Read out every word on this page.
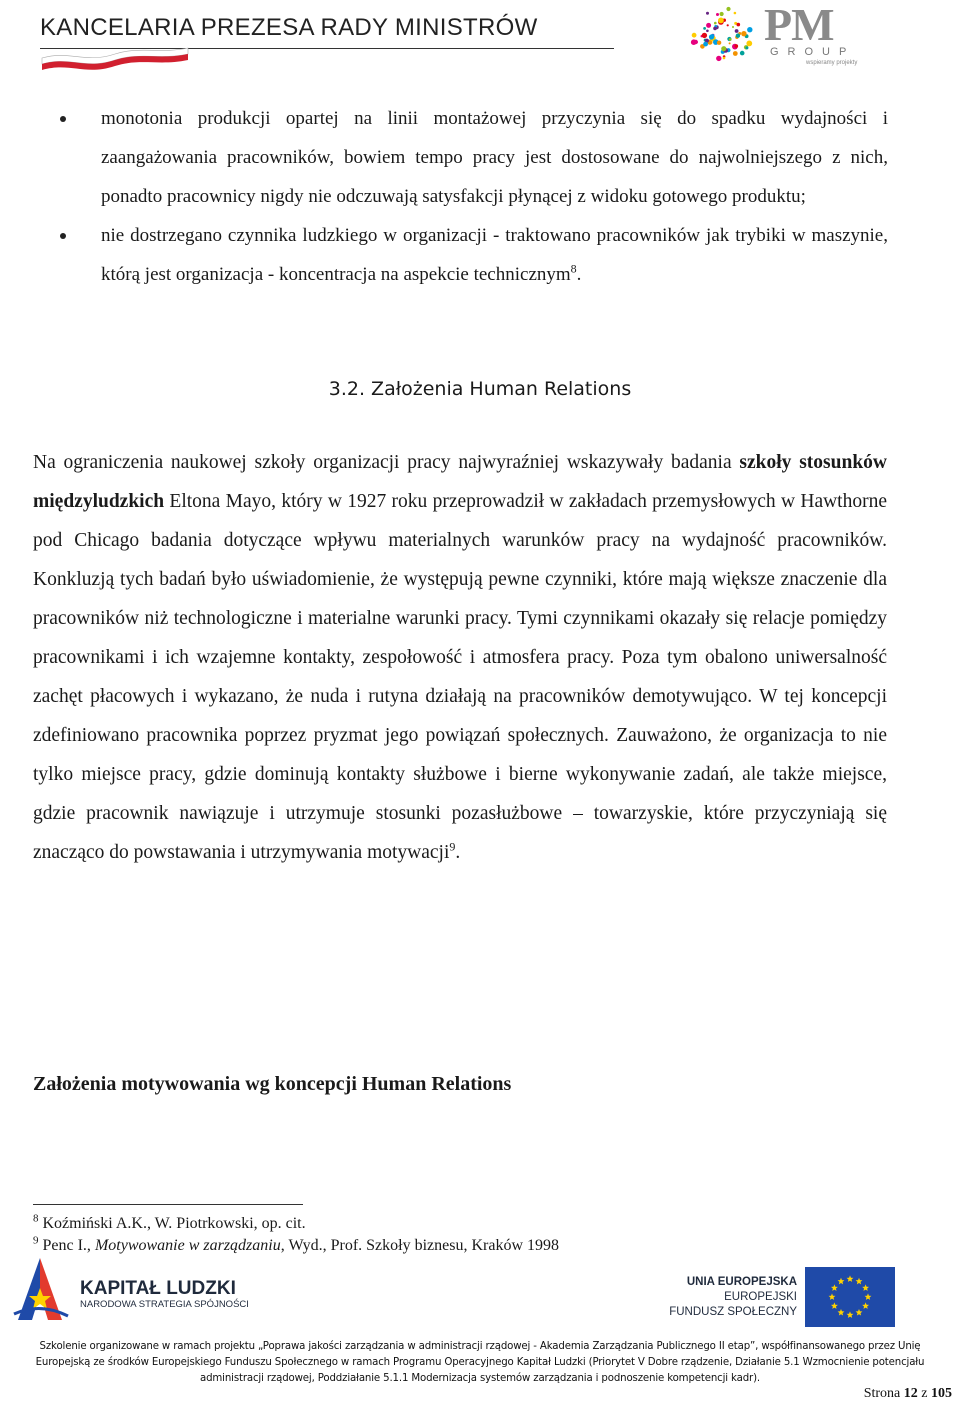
KANCELARIA PREZESA RADY MINISTRÓW	PM
GROUP
wspieramy projekty
monotonia produkcji opartej na linii montażowej przyczynia się do spadku wydajności i zaangażowania pracowników, bowiem tempo pracy jest dostosowane do najwolniejszego z nich, ponadto pracownicy nigdy nie odczuwają satysfakcji płynącej z widoku gotowego produktu;
nie dostrzegano czynnika ludzkiego w organizacji - traktowano pracowników jak trybiki w maszynie, którą jest organizacja - koncentracja na aspekcie technicznym$^8$.
3.2. Założenia Human Relations

Na ograniczenia naukowej szkoły organizacji pracy najwyraźniej wskazywały badania szkoły stosunków międzyludzkich Eltona Mayo, który w 1927 roku przeprowadził w zakładach przemysłowych w Hawthorne pod Chicago badania dotyczące wpływu materialnych warunków pracy na wydajność pracowników. Konkluzją tych badań było uświadomienie, że występują pewne czynniki, które mają większe znaczenie dla pracowników niż technologiczne i materialne warunki pracy. Tymi czynnikami okazały się relacje pomiędzy pracownikami i ich wzajemne kontakty, zespołowość i atmosfera pracy. Poza tym obalono uniwersalność zachęt płacowych i wykazano, że nuda i rutyna działają na pracowników demotywująco. W tej koncepcji zdefiniowano pracownika poprzez pryzmat jego powiązań społecznych. Zauważono, że organizacja to nie tylko miejsce pracy, gdzie dominują kontakty służbowe i bierne wykonywanie zadań, ale także miejsce, gdzie pracownik nawiązuje i utrzymuje stosunki pozasłużbowe – towarzyskie, które przyczyniają się znacząco do powstawania i utrzymywania motywacji$^9$.

Założenia motywowania wg koncepcji Human Relations
$^8$ Koźmiński A.K., W. Piotrkowski, op. cit.
$^9$ Penc I., Motywowanie w zarządzaniu, Wyd., Prof. Szkoły biznesu, Kraków 1998
KAPITAŁ LUDZKI
NARODOWA STRATEGIA SPÓJNOŚCI
UNIA EUROPEJSKA
EUROPEJSKI
FUNDUSZ SPOŁECZNY

Szkolenie organizowane w ramach projektu „Poprawa jakości zarządzania w administracji rządowej - Akademia Zarządzania Publicznego II etap”, współfinansowanego przez Unię
Europejską ze środków Europejskiego Funduszu Społecznego w ramach Programu Operacyjnego Kapitał Ludzki (Priorytet V Dobre rządzenie, Działanie 5.1 Wzmocnienie potencjału
administracji rządowej, Poddziałanie 5.1.1 Modernizacja systemów zarządzania i podnoszenie kompetencji kadr).

Strona 12 z 105
